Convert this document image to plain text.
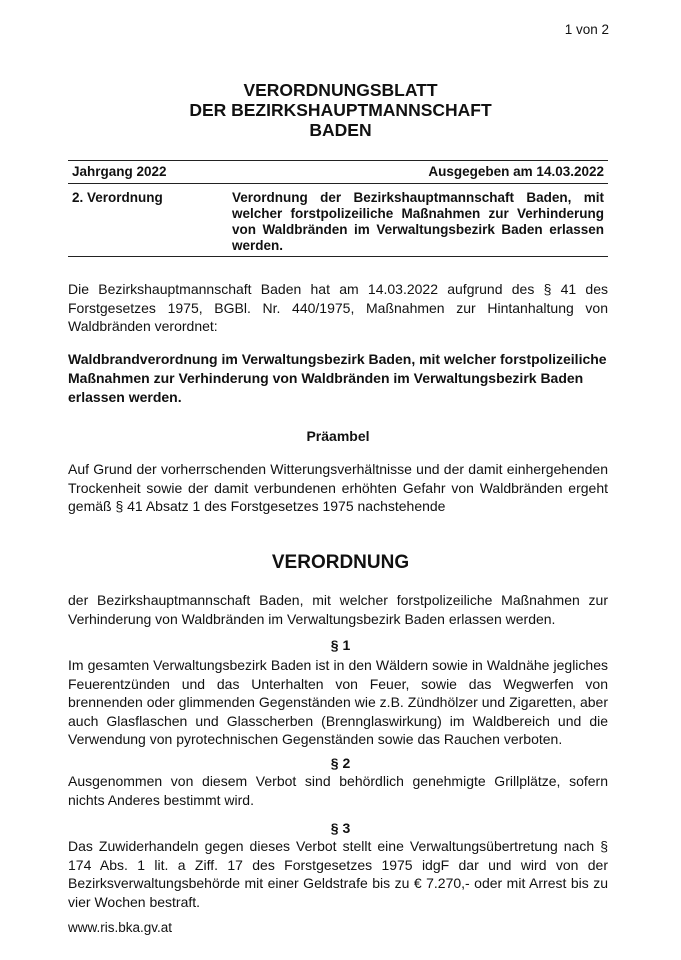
1 von 2
VERORDNUNGSBLATT
DER BEZIRKSHAUPTMANNSCHAFT
BADEN
Jahrgang 2022	Ausgegeben am 14.03.2022
2. Verordnung	Verordnung der Bezirkshauptmannschaft Baden, mit welcher forstpolizeiliche Maßnahmen zur Verhinderung von Waldbränden im Verwaltungsbezirk Baden erlassen werden.
Die Bezirkshauptmannschaft Baden hat am 14.03.2022 aufgrund des § 41 des Forstgesetzes 1975, BGBl. Nr. 440/1975, Maßnahmen zur Hintanhaltung von Waldbränden verordnet:
Waldbrandverordnung im Verwaltungsbezirk Baden, mit welcher forstpolizeiliche Maßnahmen zur Verhinderung von Waldbränden im Verwaltungsbezirk Baden erlassen werden.
Präambel
Auf Grund der vorherrschenden Witterungsverhältnisse und der damit einhergehenden Trockenheit sowie der damit verbundenen erhöhten Gefahr von Waldbränden ergeht gemäß § 41 Absatz 1 des Forstgesetzes 1975 nachstehende
VERORDNUNG
der Bezirkshauptmannschaft Baden, mit welcher forstpolizeiliche Maßnahmen zur Verhinderung von Waldbränden im Verwaltungsbezirk Baden erlassen werden.
§ 1
Im gesamten Verwaltungsbezirk Baden ist in den Wäldern sowie in Waldnähe jegliches Feuerentzünden und das Unterhalten von Feuer, sowie das Wegwerfen von brennenden oder glimmenden Gegenständen wie z.B. Zündhölzer und Zigaretten, aber auch Glasflaschen und Glasscherben (Brennglaswirkung) im Waldbereich und die Verwendung von pyrotechnischen Gegenständen sowie das Rauchen verboten.
§ 2
Ausgenommen von diesem Verbot sind behördlich genehmigte Grillplätze, sofern nichts Anderes bestimmt wird.
§ 3
Das Zuwiderhandeln gegen dieses Verbot stellt eine Verwaltungsübertretung nach § 174 Abs. 1 lit. a Ziff. 17 des Forstgesetzes 1975 idgF dar und wird von der Bezirksverwaltungsbehörde mit einer Geldstrafe bis zu € 7.270,- oder mit Arrest bis zu vier Wochen bestraft.
www.ris.bka.gv.at
